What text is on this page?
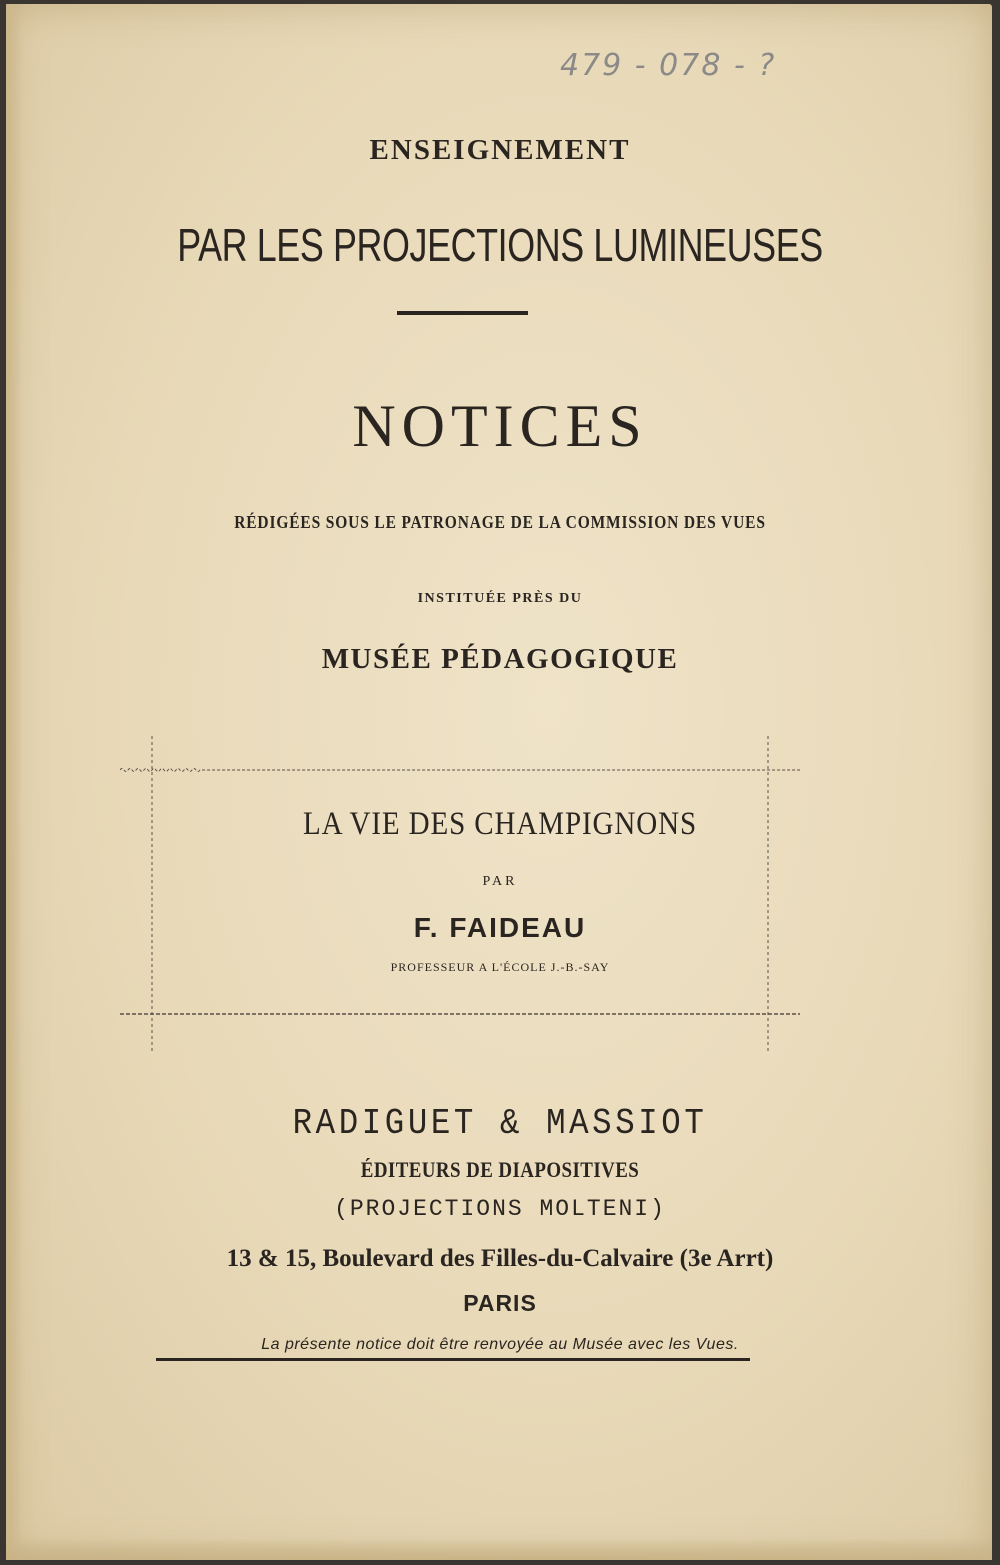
479 - 078 - ?
ENSEIGNEMENT
PAR LES PROJECTIONS LUMINEUSES
NOTICES
RÉDIGÉES SOUS LE PATRONAGE DE LA COMMISSION DES VUES
INSTITUÉE PRÈS DU
MUSÉE PÉDAGOGIQUE
LA VIE DES CHAMPIGNONS
PAR
F. FAIDEAU
PROFESSEUR A L'ÉCOLE J.-B.-SAY
RADIGUET & MASSIOT
ÉDITEURS DE DIAPOSITIVES
(PROJECTIONS MOLTENI)
13 & 15, Boulevard des Filles-du-Calvaire (3e Arrt)
PARIS
La présente notice doit être renvoyée au Musée avec les Vues.
